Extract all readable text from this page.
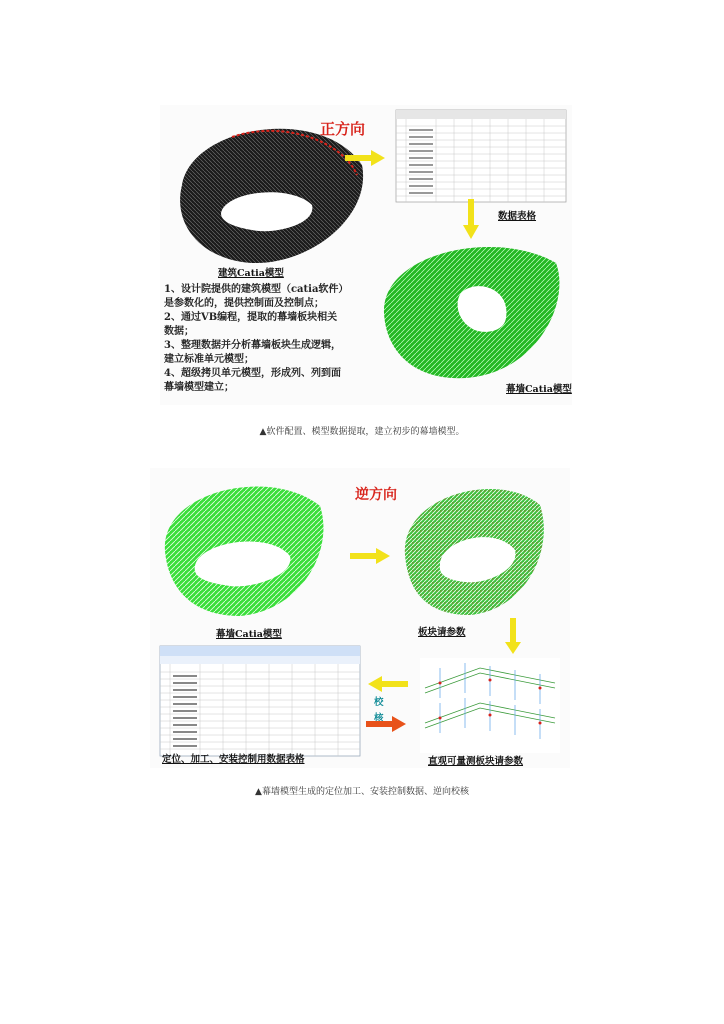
正方向
数据表格
幕墙Catia模型
建筑Catia模型
1、设计院提供的建筑模型（catia软件）
是参数化的，提供控制面及控制点；
2、通过VB编程，提取的幕墙板块相关
数据；
3、整理数据并分析幕墙板块生成逻辑，
建立标准单元模型；
4、超级拷贝单元模型，形成列、列到面
幕墙模型建立；
▲软件配置、模型数据提取，建立初步的幕墙模型。
幕墙Catia模型
逆方向
板块请参数
定位、加工、安装控制用数据表格
校
核
直观可量测板块请参数
▲幕墙模型生成的定位加工、安装控制数据、逆向校核
